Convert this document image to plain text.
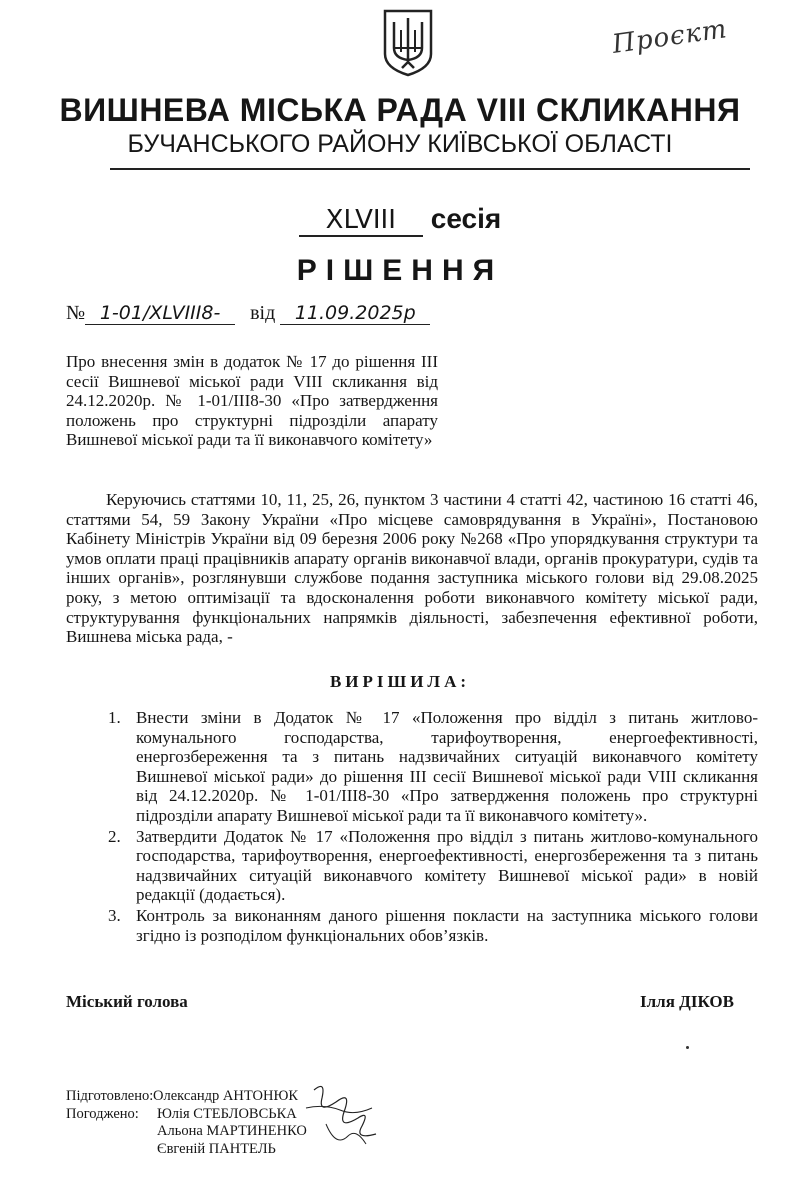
Проєкт
ВИШНЕВА МІСЬКА РАДА VIII СКЛИКАННЯ
БУЧАНСЬКОГО РАЙОНУ КИЇВСЬКОЇ ОБЛАСТІ
XLVIII сесія
РІШЕННЯ
№ 1-01/XLVIII8- від 11.09.2025р
Про внесення змін в додаток № 17 до рішення III сесії Вишневої міської ради VIII скликання від 24.12.2020р. № 1-01/III8-30 «Про затвердження положень про структурні підрозділи апарату Вишневої міської ради та її виконавчого комітету»
Керуючись статтями 10, 11, 25, 26, пунктом 3 частини 4 статті 42, частиною 16 статті 46, статтями 54, 59 Закону України «Про місцеве самоврядування в Україні», Постановою Кабінету Міністрів України від 09 березня 2006 року №268 «Про упорядкування структури та умов оплати праці працівників апарату органів виконавчої влади, органів прокуратури, судів та інших органів», розглянувши службове подання заступника міського голови від 29.08.2025 року, з метою оптимізації та вдосконалення роботи виконавчого комітету міської ради, структурування функціональних напрямків діяльності, забезпечення ефективної роботи, Вишнева міська рада, -
ВИРІШИЛА:
1. Внести зміни в Додаток № 17 «Положення про відділ з питань житлово-комунального господарства, тарифоутворення, енергоефективності, енергозбереження та з питань надзвичайних ситуацій виконавчого комітету Вишневої міської ради» до рішення III сесії Вишневої міської ради VIII скликання від 24.12.2020р. № 1-01/III8-30 «Про затвердження положень про структурні підрозділи апарату Вишневої міської ради та її виконавчого комітету».
2. Затвердити Додаток № 17 «Положення про відділ з питань житлово-комунального господарства, тарифоутворення, енергоефективності, енергозбереження та з питань надзвичайних ситуацій виконавчого комітету Вишневої міської ради» в новій редакції (додається).
3. Контроль за виконанням даного рішення покласти на заступника міського голови згідно із розподілом функціональних обов’язків.
Міський голова	Ілля ДІКОВ
Підготовлено: Олександр АНТОНЮК
Погоджено: Юлія СТЕБЛОВСЬКА
Альона МАРТИНЕНКО
Євгеній ПАНТЕЛЬ
